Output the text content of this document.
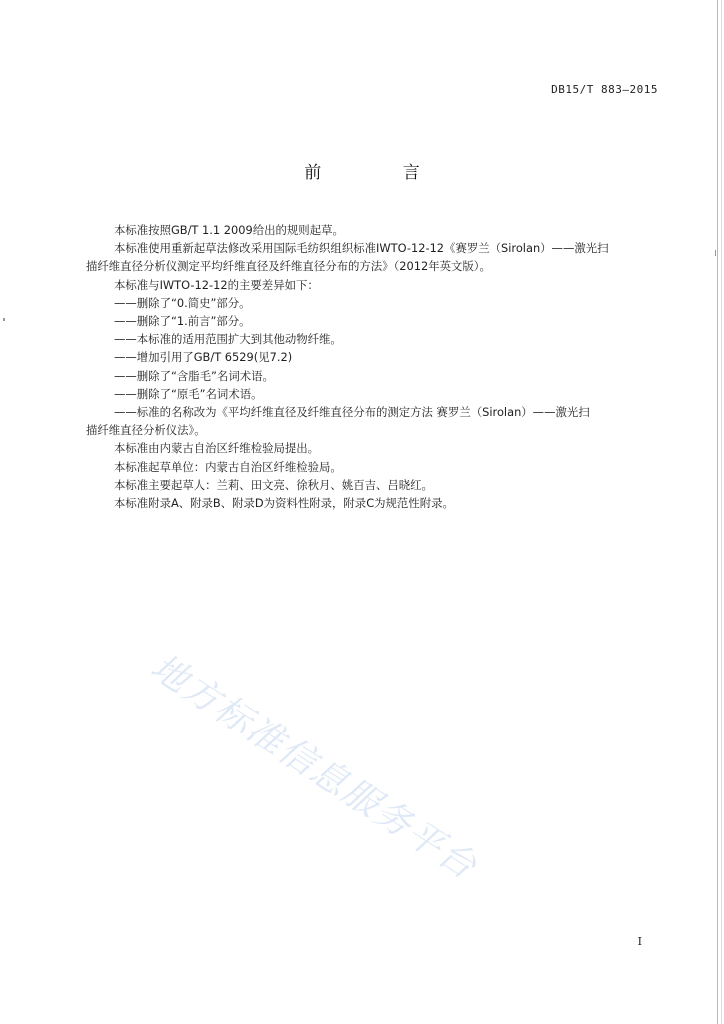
DB15/T 883—2015
前 言

本标准按照GB/T 1.1 2009给出的规则起草。

本标准使用重新起草法修改采用国际毛纺织组织标准IWTO-12-12《赛罗兰（Sirolan）——激光扫

描纤维直径分析仪测定平均纤维直径及纤维直径分布的方法》（2012年英文版）。

本标准与IWTO-12-12的主要差异如下：

——删除了“0.简史”部分。

——删除了“1.前言”部分。

——本标准的适用范围扩大到其他动物纤维。

——增加引用了GB/T 6529(见7.2)

——删除了“含脂毛”名词术语。

——删除了“原毛”名词术语。

——标准的名称改为《平均纤维直径及纤维直径分布的测定方法 赛罗兰（Sirolan）——激光扫

描纤维直径分析仪法》。

本标准由内蒙古自治区纤维检验局提出。

本标准起草单位：内蒙古自治区纤维检验局。

本标准主要起草人：兰莉、田文亮、徐秋月、姚百吉、吕晓红。

本标准附录A、附录B、附录D为资料性附录，附录C为规范性附录。

地方标准信息服务平台
I
